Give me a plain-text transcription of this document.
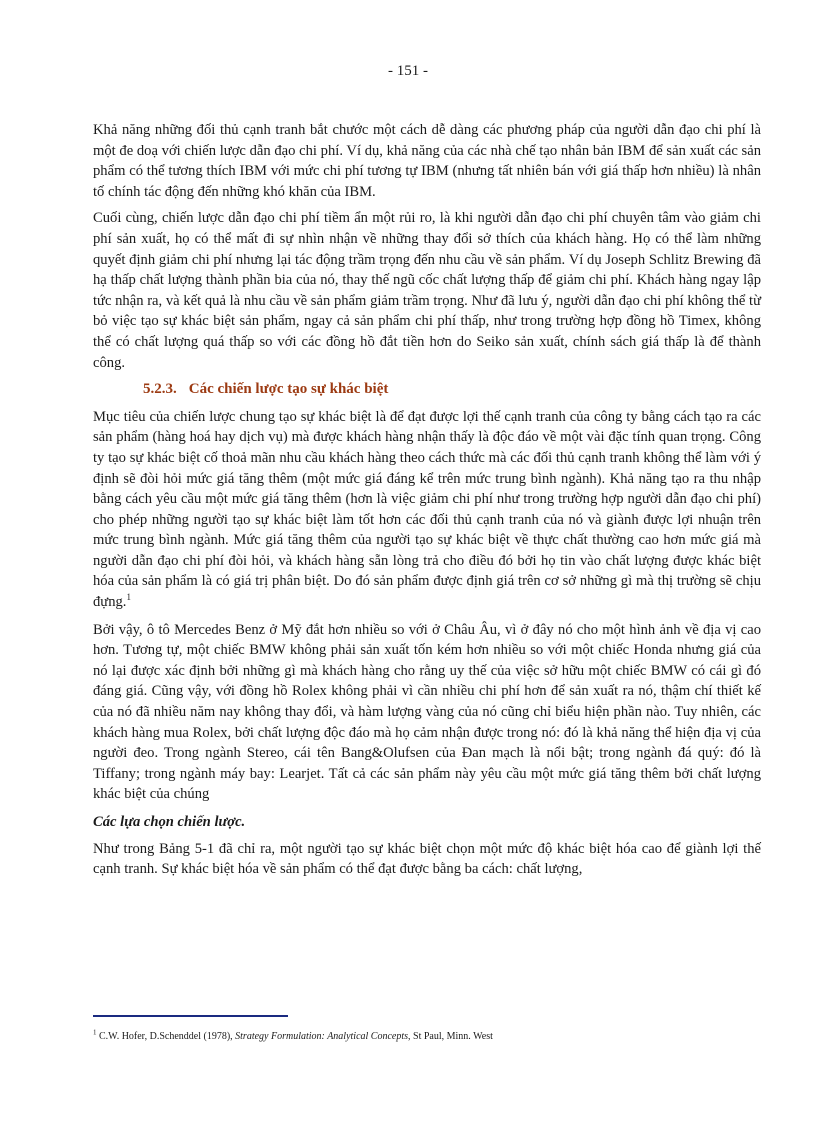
- 151 -

Khả năng những đối thủ cạnh tranh bắt chước một cách dễ dàng các phương pháp của người dẫn đạo chi phí là một đe doạ với chiến lược dẫn đạo chi phí. Ví dụ, khả năng của các nhà chế tạo nhân bản IBM để sản xuất các sản phẩm có thể tương thích IBM với mức chi phí tương tự IBM (nhưng tất nhiên bán với giá thấp hơn nhiều) là nhân tố chính tác động đến những khó khăn của IBM.

Cuối cùng, chiến lược dẫn đạo chi phí tiềm ẩn một rủi ro, là khi người dẫn đạo chi phí chuyên tâm vào giảm chi phí sản xuất, họ có thể mất đi sự nhìn nhận về những thay đổi sở thích của khách hàng. Họ có thể làm những quyết định giảm chi phí nhưng lại tác động trầm trọng đến nhu cầu về sản phẩm. Ví dụ Joseph Schlitz Brewing đã hạ thấp chất lượng thành phần bia của nó, thay thế ngũ cốc chất lượng thấp để giảm chi phí. Khách hàng ngay lập tức nhận ra, và kết quả là nhu cầu về sản phẩm giảm trầm trọng. Như đã lưu ý, người dẫn đạo chi phí không thể từ bỏ việc tạo sự khác biệt sản phẩm, ngay cả sản phẩm chi phí thấp, như trong trường hợp đồng hồ Timex, không thể có chất lượng quá thấp so với các đồng hồ đắt tiền hơn do Seiko sản xuất, chính sách giá thấp là để thành công.

5.2.3. Các chiến lược tạo sự khác biệt

Mục tiêu của chiến lược chung tạo sự khác biệt là để đạt được lợi thế cạnh tranh của công ty bằng cách tạo ra các sản phẩm (hàng hoá hay dịch vụ) mà được khách hàng nhận thấy là độc đáo về một vài đặc tính quan trọng. Công ty tạo sự khác biệt cố thoả mãn nhu cầu khách hàng theo cách thức mà các đối thủ cạnh tranh không thể làm với ý định sẽ đòi hỏi mức giá tăng thêm (một mức giá đáng kể trên mức trung bình ngành). Khả năng tạo ra thu nhập bằng cách yêu cầu một mức giá tăng thêm (hơn là việc giảm chi phí như trong trường hợp người dẫn đạo chi phí) cho phép những người tạo sự khác biệt làm tốt hơn các đối thủ cạnh tranh của nó và giành được lợi nhuận trên mức trung bình ngành. Mức giá tăng thêm của người tạo sự khác biệt về thực chất thường cao hơn mức giá mà người dẫn đạo chi phí đòi hỏi, và khách hàng sẵn lòng trả cho điều đó bởi họ tin vào chất lượng được khác biệt hóa của sản phẩm là có giá trị phân biệt. Do đó sản phẩm được định giá trên cơ sở những gì mà thị trường sẽ chịu đựng.$^1$

Bởi vậy, ô tô Mercedes Benz ở Mỹ đắt hơn nhiều so với ở Châu Âu, vì ở đây nó cho một hình ảnh về địa vị cao hơn. Tương tự, một chiếc BMW không phải sản xuất tốn kém hơn nhiều so với một chiếc Honda nhưng giá của nó lại được xác định bởi những gì mà khách hàng cho rằng uy thế của việc sở hữu một chiếc BMW có cái gì đó đáng giá. Cũng vậy, với đồng hồ Rolex không phải vì cần nhiều chi phí hơn để sản xuất ra nó, thậm chí thiết kế của nó đã nhiều năm nay không thay đổi, và hàm lượng vàng của nó cũng chỉ biểu hiện phần nào. Tuy nhiên, các khách hàng mua Rolex, bởi chất lượng độc đáo mà họ cảm nhận được trong nó: đó là khả năng thể hiện địa vị của người đeo. Trong ngành Stereo, cái tên Bang&Olufsen của Đan mạch là nổi bật; trong ngành đá quý: đó là Tiffany; trong ngành máy bay: Learjet. Tất cả các sản phẩm này yêu cầu một mức giá tăng thêm bởi chất lượng khác biệt của chúng

Các lựa chọn chiến lược.

Như trong Bảng 5-1 đã chỉ ra, một người tạo sự khác biệt chọn một mức độ khác biệt hóa cao để giành lợi thế cạnh tranh. Sự khác biệt hóa về sản phẩm có thể đạt được bằng ba cách: chất lượng,

$^1$ C.W. Hofer, D.Schenddel (1978), Strategy Formulation: Analytical Concepts, St Paul, Minn. West
